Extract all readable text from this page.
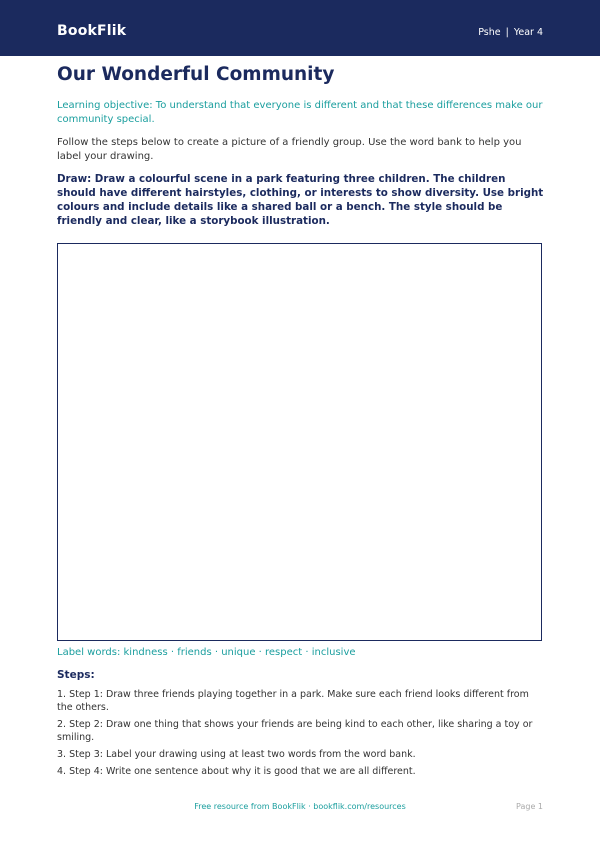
BookFlik	Pshe | Year 4
Our Wonderful Community
Learning objective: To understand that everyone is different and that these differences make our community special.
Follow the steps below to create a picture of a friendly group. Use the word bank to help you label your drawing.
Draw: Draw a colourful scene in a park featuring three children. The children should have different hairstyles, clothing, or interests to show diversity. Use bright colours and include details like a shared ball or a bench. The style should be friendly and clear, like a storybook illustration.
Label words: kindness · friends · unique · respect · inclusive
Steps:
1. Step 1: Draw three friends playing together in a park. Make sure each friend looks different from the others.
2. Step 2: Draw one thing that shows your friends are being kind to each other, like sharing a toy or smiling.
3. Step 3: Label your drawing using at least two words from the word bank.
4. Step 4: Write one sentence about why it is good that we are all different.
Free resource from BookFlik · bookflik.com/resources	Page 1
